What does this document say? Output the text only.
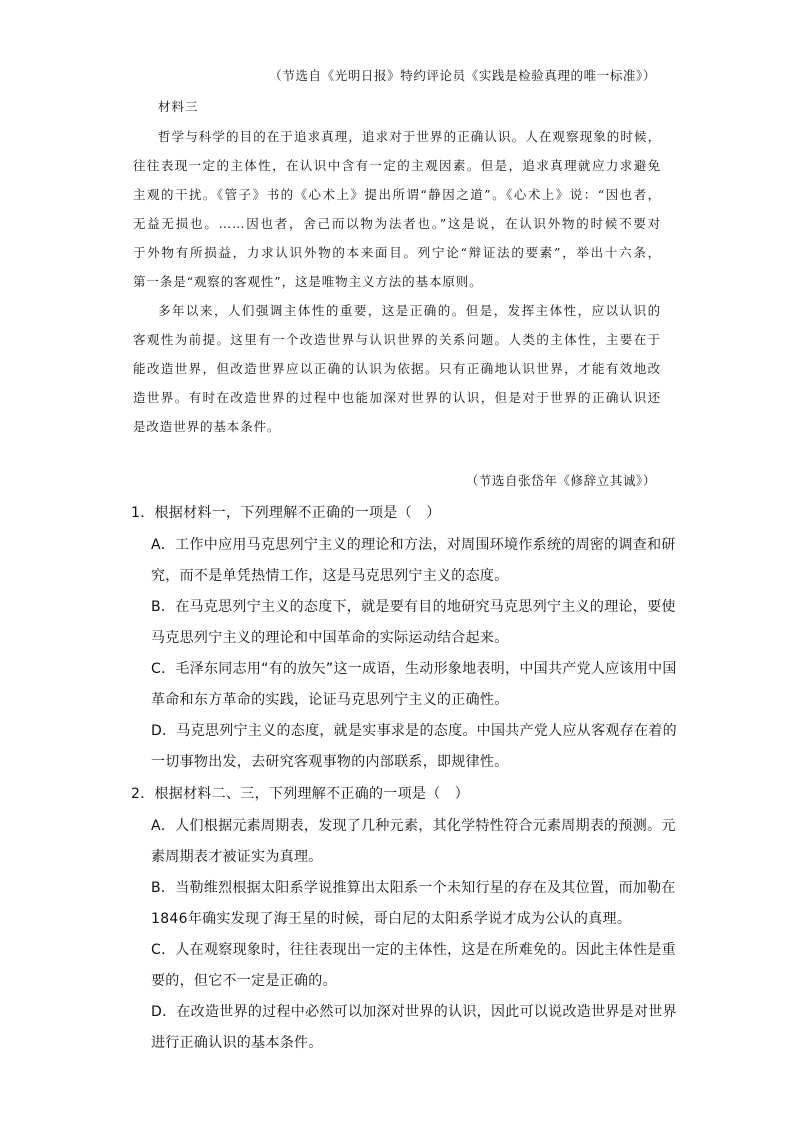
（节选自《光明日报》特约评论员《实践是检验真理的唯一标准》）
材料三
哲学与科学的目的在于追求真理，追求对于世界的正确认识。人在观察现象的时候，
往往表现一定的主体性，在认识中含有一定的主观因素。但是，追求真理就应力求避免
主观的干扰。《管子》书的《心术上》提出所谓“静因之道”。《心术上》说：“因也者，
无益无损也。……因也者，舍己而以物为法者也。”这是说，在认识外物的时候不要对
于外物有所损益，力求认识外物的本来面目。列宁论“辩证法的要素”，举出十六条，
第一条是“观察的客观性”，这是唯物主义方法的基本原则。
多年以来，人们强调主体性的重要，这是正确的。但是，发挥主体性，应以认识的
客观性为前提。这里有一个改造世界与认识世界的关系问题。人类的主体性，主要在于
能改造世界，但改造世界应以正确的认识为依据。只有正确地认识世界，才能有效地改
造世界。有时在改造世界的过程中也能加深对世界的认识，但是对于世界的正确认识还
是改造世界的基本条件。
（节选自张岱年《修辞立其诚》）
1．根据材料一，下列理解不正确的一项是（　）
A．工作中应用马克思列宁主义的理论和方法，对周围环境作系统的周密的调查和研
究，而不是单凭热情工作，这是马克思列宁主义的态度。
B．在马克思列宁主义的态度下，就是要有目的地研究马克思列宁主义的理论，要使
马克思列宁主义的理论和中国革命的实际运动结合起来。
C．毛泽东同志用“有的放矢”这一成语，生动形象地表明，中国共产党人应该用中国
革命和东方革命的实践，论证马克思列宁主义的正确性。
D．马克思列宁主义的态度，就是实事求是的态度。中国共产党人应从客观存在着的
一切事物出发，去研究客观事物的内部联系，即规律性。
2．根据材料二、三，下列理解不正确的一项是（　）
A．人们根据元素周期表，发现了几种元素，其化学特性符合元素周期表的预测。元
素周期表才被证实为真理。
B．当勒维烈根据太阳系学说推算出太阳系一个未知行星的存在及其位置，而加勒在
1846年确实发现了海王星的时候，哥白尼的太阳系学说才成为公认的真理。
C．人在观察现象时，往往表现出一定的主体性，这是在所难免的。因此主体性是重
要的，但它不一定是正确的。
D．在改造世界的过程中必然可以加深对世界的认识，因此可以说改造世界是对世界
进行正确认识的基本条件。
